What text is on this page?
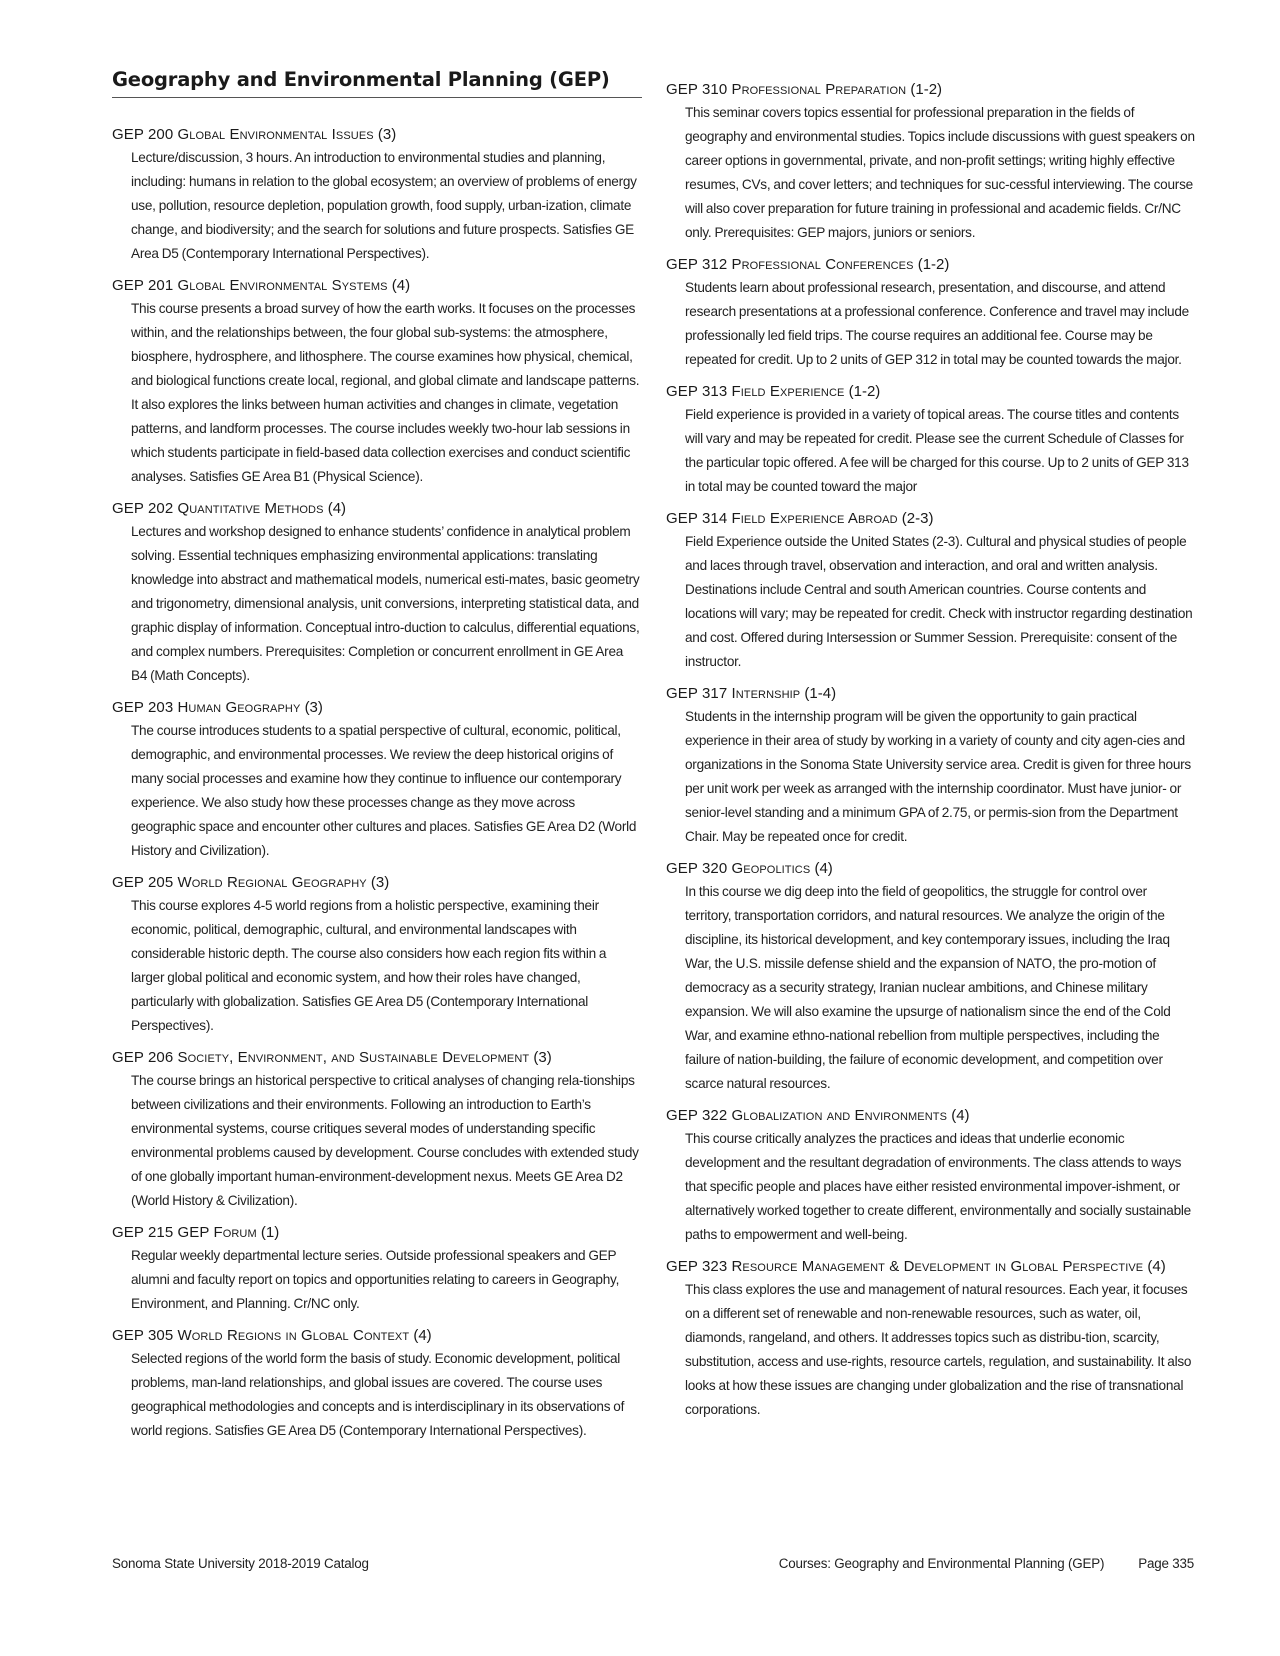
Geography and Environmental Planning (GEP)
GEP 200 Global Environmental Issues (3)
Lecture/discussion, 3 hours. An introduction to environmental studies and planning, including: humans in relation to the global ecosystem; an overview of problems of energy use, pollution, resource depletion, population growth, food supply, urban-ization, climate change, and biodiversity; and the search for solutions and future prospects. Satisfies GE Area D5 (Contemporary International Perspectives).
GEP 201 Global Environmental Systems (4)
This course presents a broad survey of how the earth works. It focuses on the processes within, and the relationships between, the four global sub-systems: the atmosphere, biosphere, hydrosphere, and lithosphere. The course examines how physical, chemical, and biological functions create local, regional, and global climate and landscape patterns. It also explores the links between human activities and changes in climate, vegetation patterns, and landform processes. The course includes weekly two-hour lab sessions in which students participate in field-based data collection exercises and conduct scientific analyses. Satisfies GE Area B1 (Physical Science).
GEP 202 Quantitative Methods (4)
Lectures and workshop designed to enhance students’ confidence in analytical problem solving. Essential techniques emphasizing environmental applications: translating knowledge into abstract and mathematical models, numerical esti-mates, basic geometry and trigonometry, dimensional analysis, unit conversions, interpreting statistical data, and graphic display of information. Conceptual intro-duction to calculus, differential equations, and complex numbers. Prerequisites: Completion or concurrent enrollment in GE Area B4 (Math Concepts).
GEP 203 Human Geography (3)
The course introduces students to a spatial perspective of cultural, economic, political, demographic, and environmental processes. We review the deep historical origins of many social processes and examine how they continue to influence our contemporary experience. We also study how these processes change as they move across geographic space and encounter other cultures and places. Satisfies GE Area D2 (World History and Civilization).
GEP 205 World Regional Geography (3)
This course explores 4-5 world regions from a holistic perspective, examining their economic, political, demographic, cultural, and environmental landscapes with considerable historic depth. The course also considers how each region fits within a larger global political and economic system, and how their roles have changed, particularly with globalization. Satisfies GE Area D5 (Contemporary International Perspectives).
GEP 206 Society, Environment, and Sustainable Development (3)
The course brings an historical perspective to critical analyses of changing rela-tionships between civilizations and their environments. Following an introduction to Earth’s environmental systems, course critiques several modes of understanding specific environmental problems caused by development. Course concludes with extended study of one globally important human-environment-development nexus. Meets GE Area D2 (World History & Civilization).
GEP 215 GEP Forum (1)
Regular weekly departmental lecture series. Outside professional speakers and GEP alumni and faculty report on topics and opportunities relating to careers in Geography, Environment, and Planning. Cr/NC only.
GEP 305 World Regions in Global Context (4)
Selected regions of the world form the basis of study. Economic development, political problems, man-land relationships, and global issues are covered. The course uses geographical methodologies and concepts and is interdisciplinary in its observations of world regions. Satisfies GE Area D5 (Contemporary International Perspectives).
GEP 310 Professional Preparation (1-2)
This seminar covers topics essential for professional preparation in the fields of geography and environmental studies. Topics include discussions with guest speakers on career options in governmental, private, and non-profit settings; writing highly effective resumes, CVs, and cover letters; and techniques for suc-cessful interviewing. The course will also cover preparation for future training in professional and academic fields. Cr/NC only. Prerequisites: GEP majors, juniors or seniors.
GEP 312 Professional Conferences (1-2)
Students learn about professional research, presentation, and discourse, and attend research presentations at a professional conference. Conference and travel may include professionally led field trips. The course requires an additional fee. Course may be repeated for credit. Up to 2 units of GEP 312 in total may be counted towards the major.
GEP 313 Field Experience (1-2)
Field experience is provided in a variety of topical areas. The course titles and contents will vary and may be repeated for credit. Please see the current Schedule of Classes for the particular topic offered. A fee will be charged for this course. Up to 2 units of GEP 313 in total may be counted toward the major
GEP 314 Field Experience Abroad (2-3)
Field Experience outside the United States (2-3). Cultural and physical studies of people and laces through travel, observation and interaction, and oral and written analysis. Destinations include Central and south American countries. Course contents and locations will vary; may be repeated for credit. Check with instructor regarding destination and cost. Offered during Intersession or Summer Session. Prerequisite: consent of the instructor.
GEP 317 Internship (1-4)
Students in the internship program will be given the opportunity to gain practical experience in their area of study by working in a variety of county and city agen-cies and organizations in the Sonoma State University service area. Credit is given for three hours per unit work per week as arranged with the internship coordinator. Must have junior- or senior-level standing and a minimum GPA of 2.75, or permis-sion from the Department Chair. May be repeated once for credit.
GEP 320 Geopolitics (4)
In this course we dig deep into the field of geopolitics, the struggle for control over territory, transportation corridors, and natural resources. We analyze the origin of the discipline, its historical development, and key contemporary issues, including the Iraq War, the U.S. missile defense shield and the expansion of NATO, the pro-motion of democracy as a security strategy, Iranian nuclear ambitions, and Chinese military expansion. We will also examine the upsurge of nationalism since the end of the Cold War, and examine ethno-national rebellion from multiple perspectives, including the failure of nation-building, the failure of economic development, and competition over scarce natural resources.
GEP 322 Globalization and Environments (4)
This course critically analyzes the practices and ideas that underlie economic development and the resultant degradation of environments. The class attends to ways that specific people and places have either resisted environmental impover-ishment, or alternatively worked together to create different, environmentally and socially sustainable paths to empowerment and well-being.
GEP 323 Resource Management & Development in Global Perspective (4)
This class explores the use and management of natural resources. Each year, it focuses on a different set of renewable and non-renewable resources, such as water, oil, diamonds, rangeland, and others. It addresses topics such as distribu-tion, scarcity, substitution, access and use-rights, resource cartels, regulation, and sustainability. It also looks at how these issues are changing under globalization and the rise of transnational corporations.
Sonoma State University 2018-2019 Catalog	Courses: Geography and Environmental Planning (GEP)	Page 335
